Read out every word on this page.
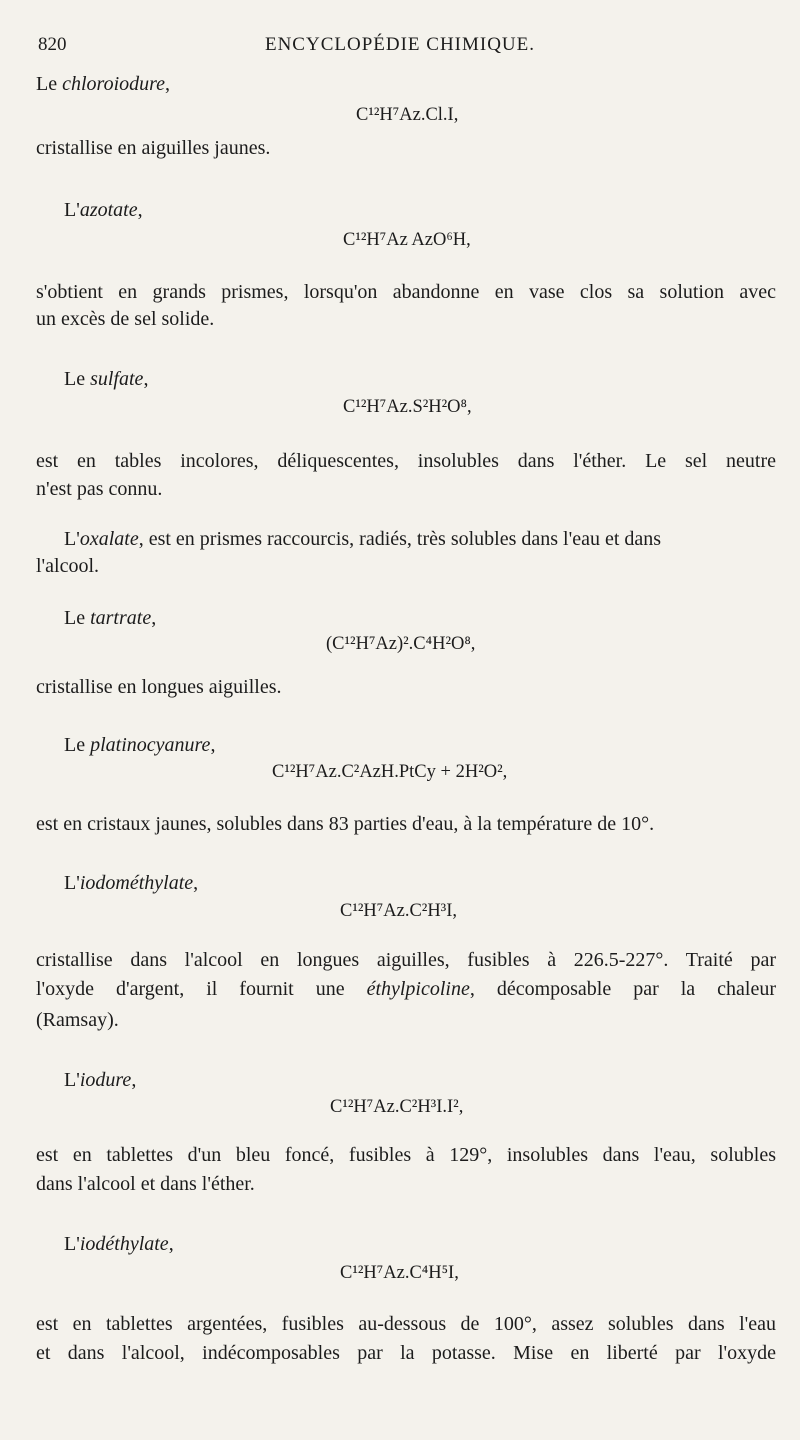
820	ENCYCLOPÉDIE CHIMIQUE.
Le chloroiodure,
C¹²H⁷Az.Cl.I,
cristallise en aiguilles jaunes.
L'azotate,
C¹²H⁷Az AzO⁶H,
s'obtient en grands prismes, lorsqu'on abandonne en vase clos sa solution avec
un excès de sel solide.
Le sulfate,
C¹²H⁷Az.S²H²O⁸,
est en tables incolores, déliquescentes, insolubles dans l'éther. Le sel neutre
n'est pas connu.
L'oxalate, est en prismes raccourcis, radiés, très solubles dans l'eau et dans
l'alcool.
Le tartrate,
(C¹²H⁷Az)².C⁴H²O⁸,
cristallise en longues aiguilles.
Le platinocyanure,
C¹²H⁷Az.C²AzH.PtCy + 2H²O²,
est en cristaux jaunes, solubles dans 83 parties d'eau, à la température de 10°.
L'iodométhylate,
C¹²H⁷Az.C²H³I,
cristallise dans l'alcool en longues aiguilles, fusibles à 226.5-227°. Traité par
l'oxyde d'argent, il fournit une éthylpicoline, décomposable par la chaleur
(Ramsay).
L'iodure,
C¹²H⁷Az.C²H³I.I²,
est en tablettes d'un bleu foncé, fusibles à 129°, insolubles dans l'eau, solubles
dans l'alcool et dans l'éther.
L'iodéthylate,
C¹²H⁷Az.C⁴H⁵I,
est en tablettes argentées, fusibles au-dessous de 100°, assez solubles dans l'eau
et dans l'alcool, indécomposables par la potasse. Mise en liberté par l'oxyde
